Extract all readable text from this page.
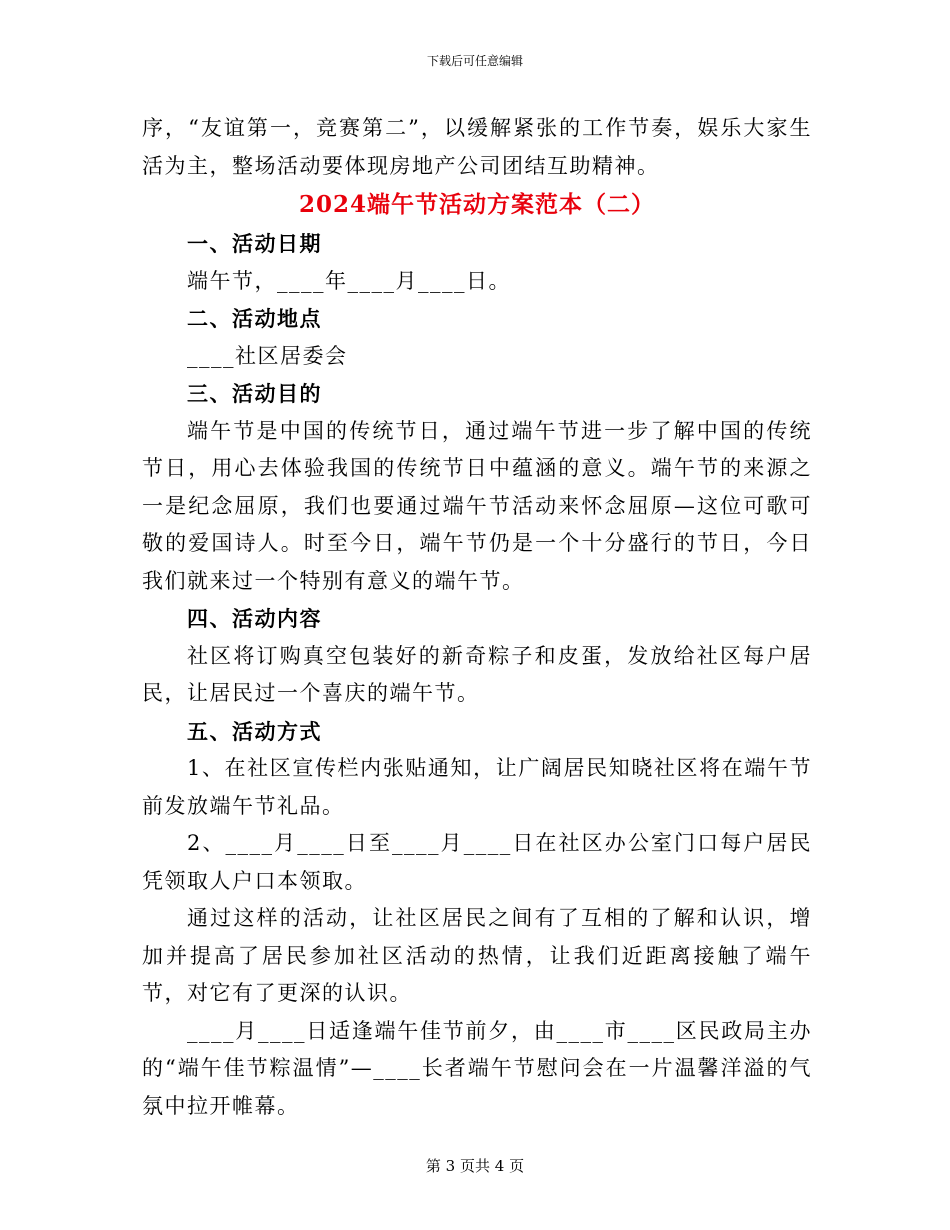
下载后可任意编辑

序，“友谊第一，竞赛第二”，以缓解紧张的工作节奏，娱乐大家生活为主，整场活动要体现房地产公司团结互助精神。

2024端午节活动方案范本（二）

一、活动日期

端午节，____年____月____日。

二、活动地点

____社区居委会

三、活动目的

端午节是中国的传统节日，通过端午节进一步了解中国的传统节日，用心去体验我国的传统节日中蕴涵的意义。端午节的来源之一是纪念屈原，我们也要通过端午节活动来怀念屈原—这位可歌可敬的爱国诗人。时至今日，端午节仍是一个十分盛行的节日，今日我们就来过一个特别有意义的端午节。

四、活动内容

社区将订购真空包装好的新奇粽子和皮蛋，发放给社区每户居民，让居民过一个喜庆的端午节。

五、活动方式

1、在社区宣传栏内张贴通知，让广阔居民知晓社区将在端午节前发放端午节礼品。

2、____月____日至____月____日在社区办公室门口每户居民凭领取人户口本领取。

通过这样的活动，让社区居民之间有了互相的了解和认识，增加并提高了居民参加社区活动的热情，让我们近距离接触了端午节，对它有了更深的认识。

____月____日适逢端午佳节前夕，由____市____区民政局主办的“端午佳节粽温情”—____长者端午节慰问会在一片温馨洋溢的气氛中拉开帷幕。

第 3 页共 4 页
